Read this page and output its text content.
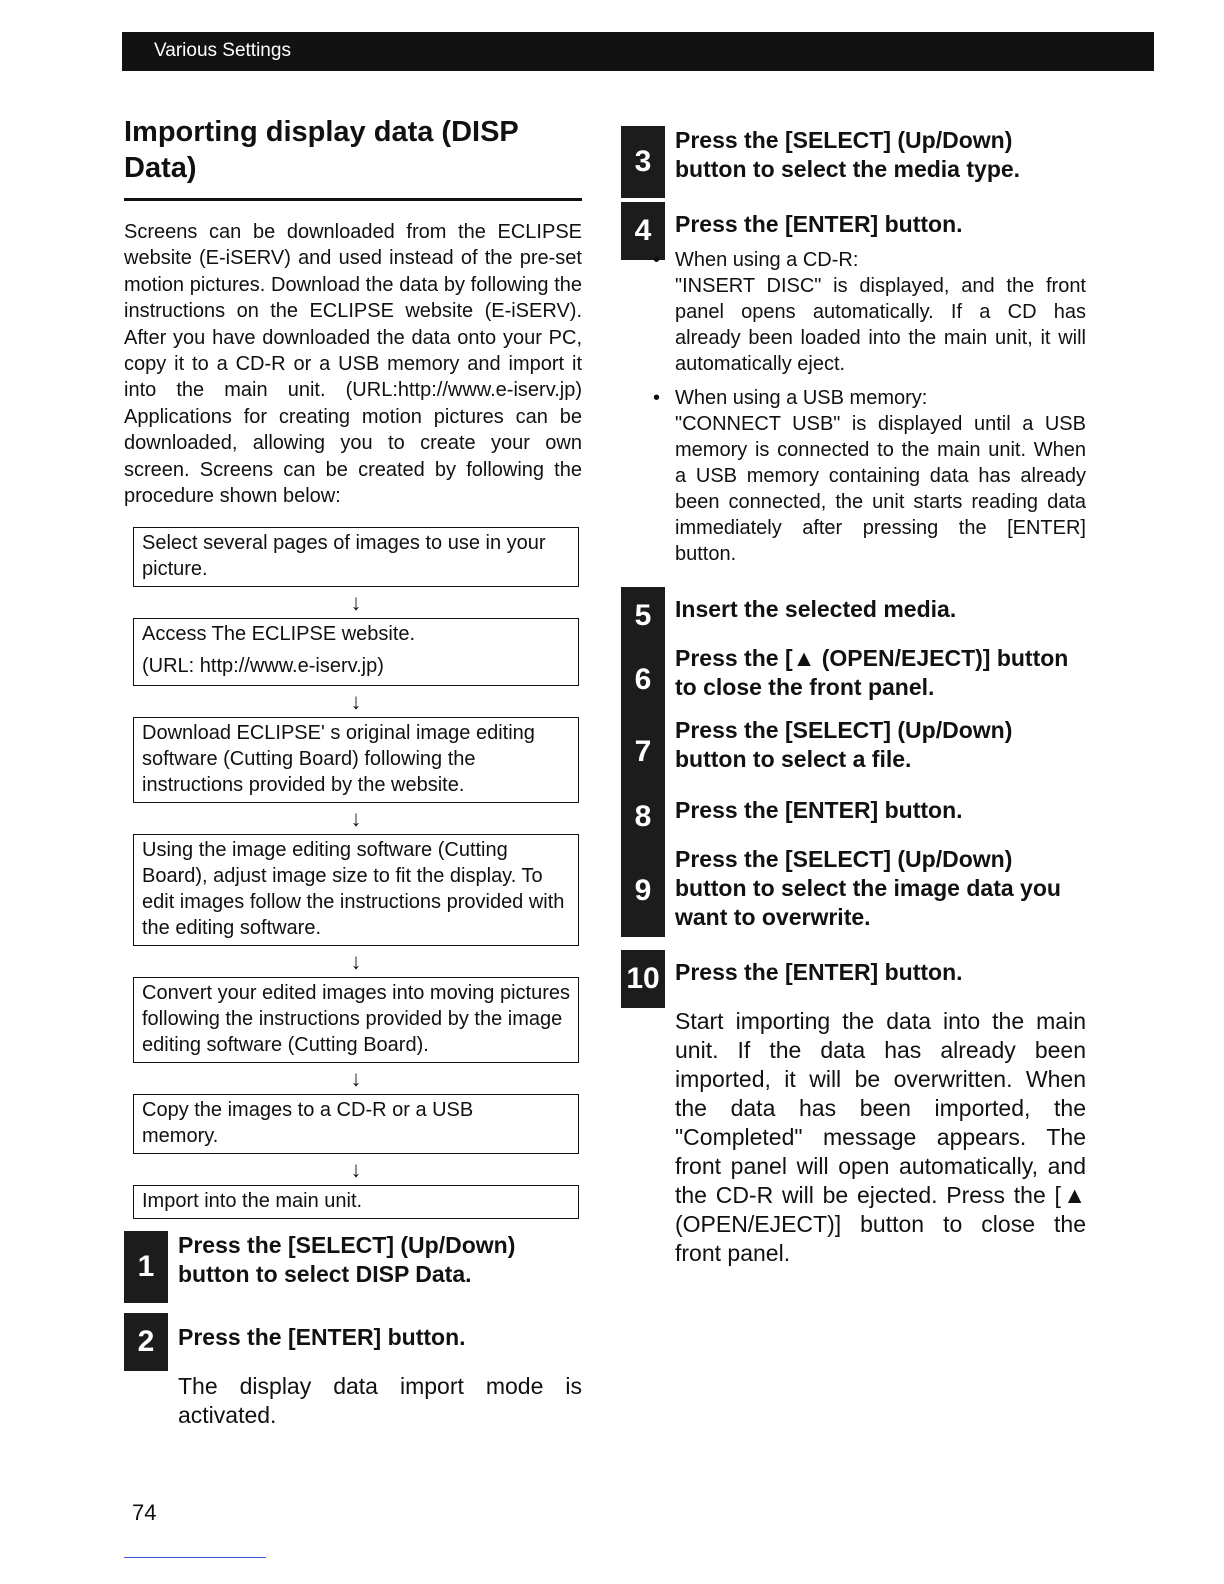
Various Settings
Importing display data (DISP Data)

Screens can be downloaded from the ECLIPSE website (E-iSERV) and used instead of the pre-set motion pictures. Download the data by following the instructions on the ECLIPSE website (E-iSERV). After you have downloaded the data onto your PC, copy it to a CD-R or a USB memory and import it into the main unit. (URL:http://www.e-iserv.jp) Applications for creating motion pictures can be downloaded, allowing you to create your own screen. Screens can be created by following the procedure shown below:

Select several pages of images to use in your picture.
↓
Access The ECLIPSE website.
(URL: http://www.e-iserv.jp)
↓
Download ECLIPSE' s original image editing software (Cutting Board) following the instructions provided by the website.
↓
Using the image editing software (Cutting Board), adjust image size to fit the display. To edit images follow the instructions provided with the editing software.
↓
Convert your edited images into moving pictures following the instructions provided by the image editing software (Cutting Board).
↓
Copy the images to a CD-R or a USB memory.
↓
Import into the main unit.
1

Press the [SELECT] (Up/Down) button to select DISP Data.

2	Press the [ENTER] button.

The display data import mode is activated.

3

Press the [SELECT] (Up/Down) button to select the media type.

4	Press the [ENTER] button.

• When using a CD-R:
"INSERT DISC" is displayed, and the front panel opens automatically. If a CD has already been loaded into the main unit, it will automatically eject.
• When using a USB memory:
"CONNECT USB" is displayed until a USB memory is connected to the main unit. When a USB memory containing data has already been connected, the unit starts reading data immediately after pressing the [ENTER] button.
5	Insert the selected media.

6

Press the [▲ (OPEN/EJECT)] button to close the front panel.

7

Press the [SELECT] (Up/Down) button to select a file.

8	Press the [ENTER] button.

9

Press the [SELECT] (Up/Down) button to select the image data you want to overwrite.

10 Press the [ENTER] button.

Start importing the data into the main unit. If the data has already been imported, it will be overwritten. When the data has been imported, the "Completed" message appears. The front panel will open automatically, and the CD-R will be ejected. Press the [▲ (OPEN/EJECT)] button to close the front panel.

74
